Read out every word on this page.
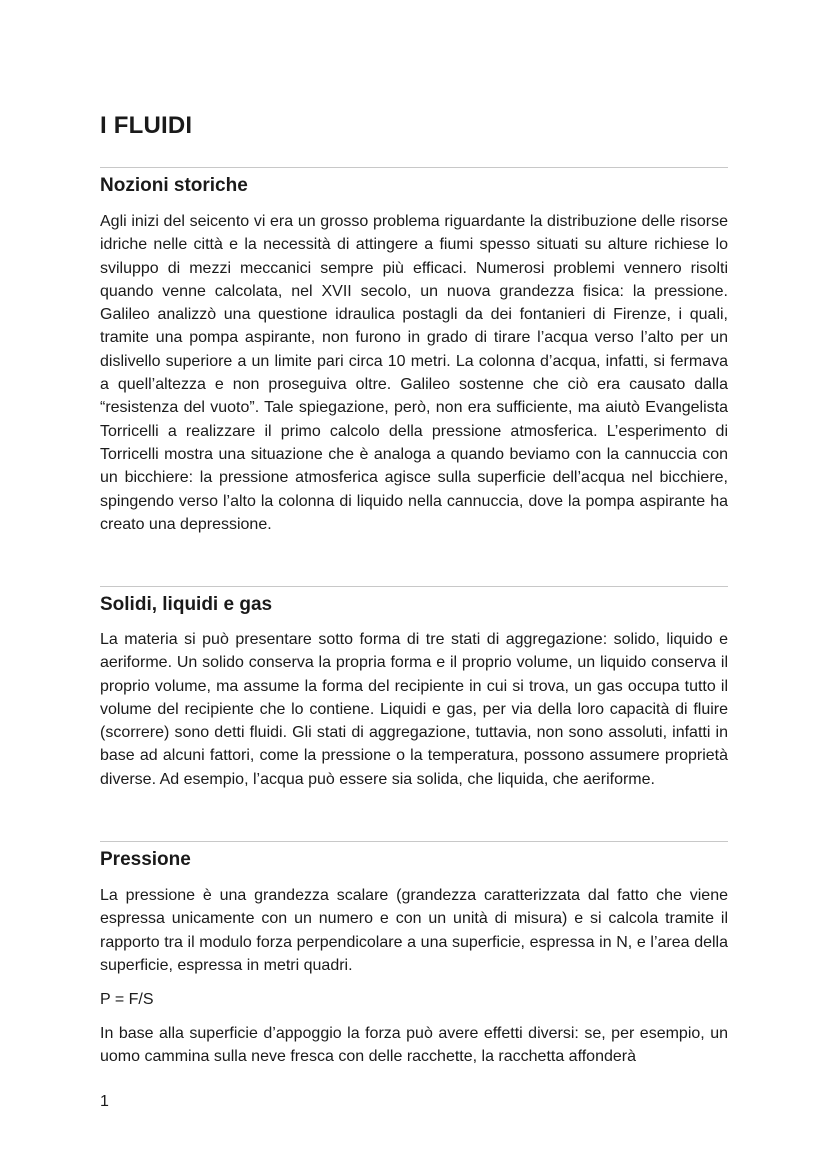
I FLUIDI
Nozioni storiche

Agli inizi del seicento vi era un grosso problema riguardante la distribuzione delle risorse idriche nelle città e la necessità di attingere a fiumi spesso situati su alture richiese lo sviluppo di mezzi meccanici sempre più efficaci. Numerosi problemi vennero risolti quando venne calcolata, nel XVII secolo, un nuova grandezza fisica: la pressione. Galileo analizzò una questione idraulica postagli da dei fontanieri di Firenze, i quali, tramite una pompa aspirante, non furono in grado di tirare l’acqua verso l’alto per un dislivello superiore a un limite pari circa 10 metri. La colonna d’acqua, infatti, si fermava a quell’altezza e non proseguiva oltre. Galileo sostenne che ciò era causato dalla “resistenza del vuoto”. Tale spiegazione, però, non era sufficiente, ma aiutò Evangelista Torricelli a realizzare il primo calcolo della pressione atmosferica. L’esperimento di Torricelli mostra una situazione che è analoga a quando beviamo con la cannuccia con un bicchiere: la pressione atmosferica agisce sulla superficie dell’acqua nel bicchiere, spingendo verso l’alto la colonna di liquido nella cannuccia, dove la pompa aspirante ha creato una depressione.

Solidi, liquidi e gas

La materia si può presentare sotto forma di tre stati di aggregazione: solido, liquido e aeriforme. Un solido conserva la propria forma e il proprio volume, un liquido conserva il proprio volume, ma assume la forma del recipiente in cui si trova, un gas occupa tutto il volume del recipiente che lo contiene. Liquidi e gas, per via della loro capacità di fluire (scorrere) sono detti fluidi. Gli stati di aggregazione, tuttavia, non sono assoluti, infatti in base ad alcuni fattori, come la pressione o la temperatura, possono assumere proprietà diverse. Ad esempio, l’acqua può essere sia solida, che liquida, che aeriforme.

Pressione

La pressione è una grandezza scalare (grandezza caratterizzata dal fatto che viene espressa unicamente con un numero e con un unità di misura) e si calcola tramite il rapporto tra il modulo forza perpendicolare a una superficie, espressa in N, e l’area della superficie, espressa in metri quadri.

P = F/S

In base alla superficie d’appoggio la forza può avere effetti diversi: se, per esempio, un uomo cammina sulla neve fresca con delle racchette, la racchetta affonderà

1
